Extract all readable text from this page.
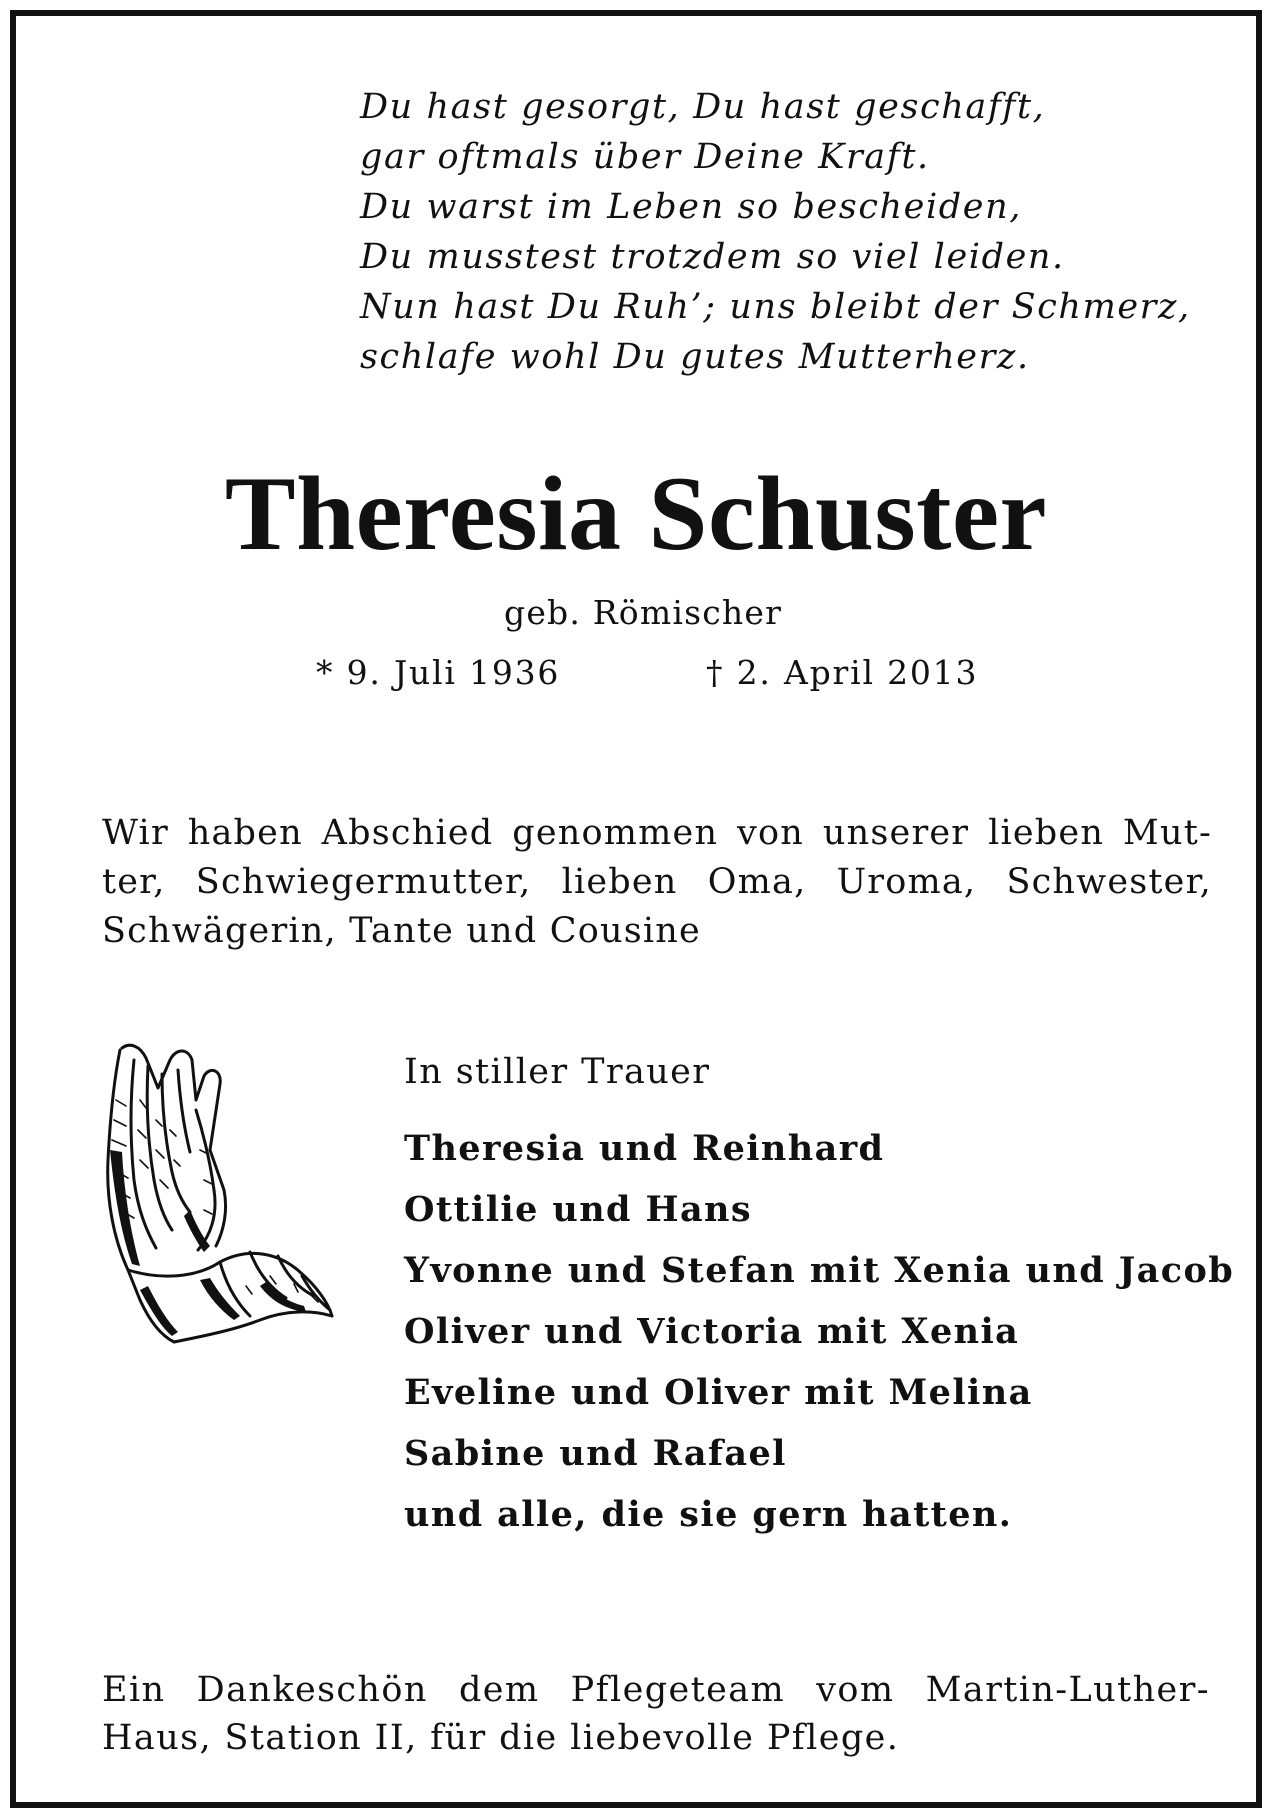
Du hast gesorgt, Du hast geschafft,
gar oftmals über Deine Kraft.
Du warst im Leben so bescheiden,
Du musstest trotzdem so viel leiden.
Nun hast Du Ruh’; uns bleibt der Schmerz,
schlafe wohl Du gutes Mutterherz.
Theresia Schuster
geb. Römischer
* 9. Juli 1936	† 2. April 2013
Wir haben Abschied genommen von unserer lieben Mut-
ter, Schwiegermutter, lieben Oma, Uroma, Schwester,
Schwägerin, Tante und Cousine
In stiller Trauer
Theresia und Reinhard
Ottilie und Hans
Yvonne und Stefan mit Xenia und Jacob
Oliver und Victoria mit Xenia
Eveline und Oliver mit Melina
Sabine und Rafael
und alle, die sie gern hatten.
Ein Dankeschön dem Pflegeteam vom Martin-Luther-
Haus, Station II, für die liebevolle Pflege.
